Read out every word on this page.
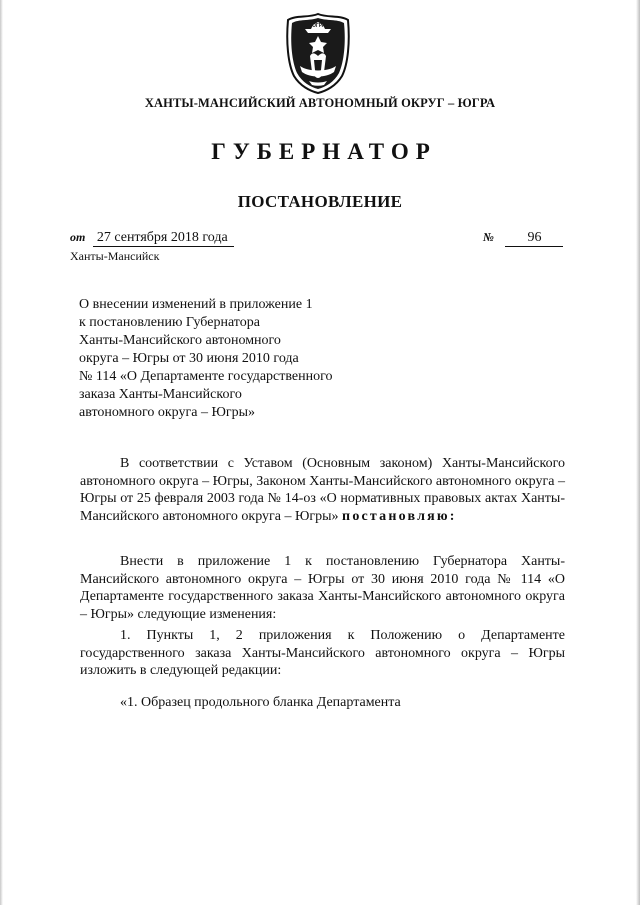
ЮГРА
ХАНТЫ-МАНСИЙСКИЙ АВТОНОМНЫЙ ОКРУГ – ЮГРА
ГУБЕРНАТОР
ПОСТАНОВЛЕНИЕ
от 27 сентября 2018 года	№ 96
Ханты-Мансийск
О внесении изменений в приложение 1
к постановлению Губернатора
Ханты-Мансийского автономного
округа – Югры от 30 июня 2010 года
№ 114 «О Департаменте государственного
заказа Ханты-Мансийского
автономного округа – Югры»
В соответствии с Уставом (Основным законом) Ханты-Мансийского автономного округа – Югры, Законом Ханты-Мансийского автономного округа – Югры от 25 февраля 2003 года № 14-оз «О нормативных правовых актах Ханты-Мансийского автономного округа – Югры» постановляю:
Внести в приложение 1 к постановлению Губернатора Ханты-Мансийского автономного округа – Югры от 30 июня 2010 года № 114 «О Департаменте государственного заказа Ханты-Мансийского автономного округа – Югры» следующие изменения:
1. Пункты 1, 2 приложения к Положению о Департаменте государственного заказа Ханты-Мансийского автономного округа – Югры изложить в следующей редакции:
«1. Образец продольного бланка Департамента
